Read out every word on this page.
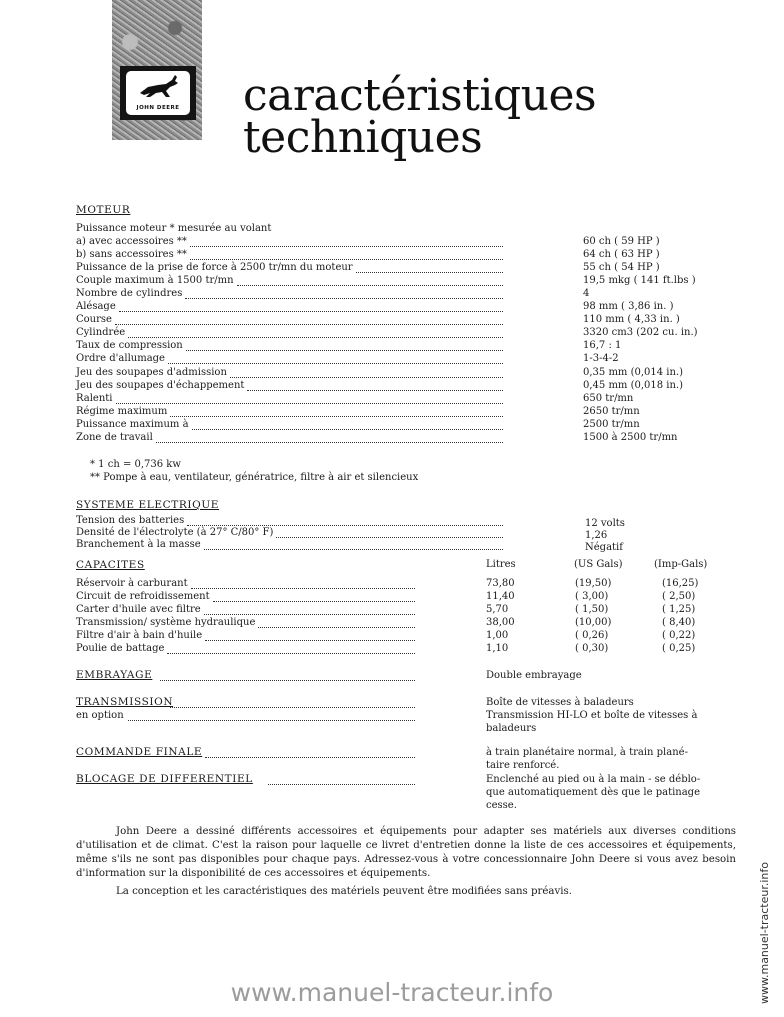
JOHN DEERE caractéristiques
techniques
MOTEUR
Puissance moteur * mesurée au volant
a) avec accessoires **	60 ch ( 59 HP )
b) sans accessoires **	64 ch ( 63 HP )
Puissance de la prise de force à 2500 tr/mn du moteur	55 ch ( 54 HP )
Couple maximum à 1500 tr/mn	19,5 mkg ( 141 ft.lbs )
Nombre de cylindres	4
Alésage	98 mm ( 3,86 in. )
Course	110 mm ( 4,33 in. )
Cylindrée	3320 cm3 (202 cu. in.)
Taux de compression	16,7 : 1
Ordre d'allumage	1-3-4-2
Jeu des soupapes d'admission	0,35 mm (0,014 in.)
Jeu des soupapes d'échappement	0,45 mm (0,018 in.)
Ralenti	650 tr/mn
Régime maximum	2650 tr/mn
Puissance maximum à	2500 tr/mn
Zone de travail	1500 à 2500 tr/mn
* 1 ch = 0,736 kw
** Pompe à eau, ventilateur, génératrice, filtre à air et silencieux
SYSTEME ELECTRIQUE
Tension des batteries	12 volts
Densité de l'électrolyte (à 27° C/80° F)	1,26
Branchement à la masse	Négatif
CAPACITES	Litres	(US Gals)	(Imp-Gals)
Réservoir à carburant	73,80	(19,50)	(16,25)
Circuit de refroidissement	11,40	( 3,00)	( 2,50)
Carter d'huile avec filtre	5,70	( 1,50)	( 1,25)
Transmission/ système hydraulique	38,00	(10,00)	( 8,40)
Filtre d'air à bain d'huile	1,00	( 0,26)	( 0,22)
Poulie de battage	1,10	( 0,30)	( 0,25)
EMBRAYAGE	Double embrayage
TRANSMISSION	Boîte de vitesses à baladeurs
en option	Transmission HI-LO et boîte de vitesses à
baladeurs
COMMANDE FINALE	à train planétaire normal, à train plané-
taire renforcé.
BLOCAGE DE DIFFERENTIEL	Enclenché au pied ou à la main - se déblo-
que automatiquement dès que le patinage
cesse.
John Deere a dessiné différents accessoires et équipements pour adapter ses matériels aux diverses conditions d'utilisation et de climat. C'est la raison pour laquelle ce livret d'entretien donne la liste de ces accessoires et équipements, même s'ils ne sont pas disponibles pour chaque pays. Adressez-vous à votre concessionnaire John Deere si vous avez besoin d'information sur la disponibilité de ces accessoires et équipements.
La conception et les caractéristiques des matériels peuvent être modifiées sans préavis.
www.manuel-tracteur.info	www.manuel-tracteur.info
